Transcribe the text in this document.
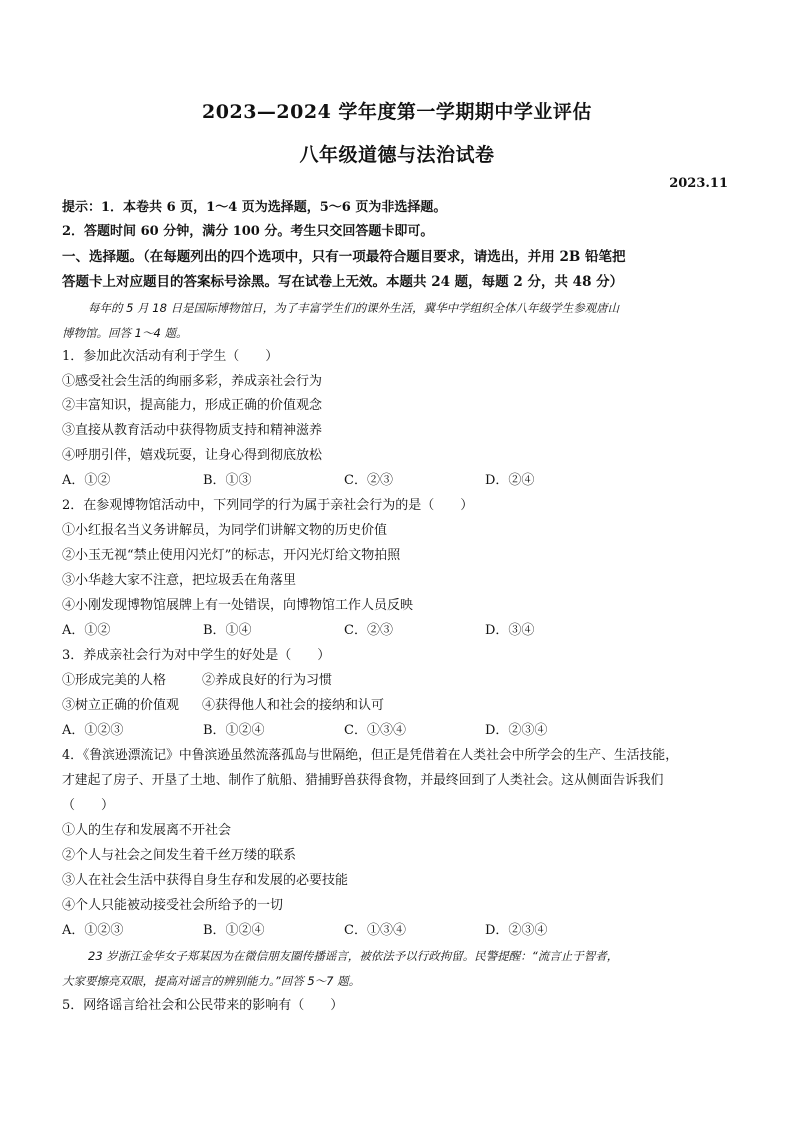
2023—2024 学年度第一学期期中学业评估
八年级道德与法治试卷
2023.11
提示：1．本卷共 6 页，1～4 页为选择题，5～6 页为非选择题。
2．答题时间 60 分钟，满分 100 分。考生只交回答题卡即可。
一、选择题。（在每题列出的四个选项中，只有一项最符合题目要求，请选出，并用 2B 铅笔把
答题卡上对应题目的答案标号涂黑。写在试卷上无效。本题共 24 题，每题 2 分，共 48 分）
每年的 5 月 18 日是国际博物馆日，为了丰富学生们的课外生活，冀华中学组织全体八年级学生参观唐山
博物馆。回答 1～4 题。
1．参加此次活动有利于学生（　　）
①感受社会生活的绚丽多彩，养成亲社会行为
②丰富知识，提高能力，形成正确的价值观念
③直接从教育活动中获得物质支持和精神滋养
④呼朋引伴，嬉戏玩耍，让身心得到彻底放松
A．①②	B．①③	C．②③	D．②④
2．在参观博物馆活动中，下列同学的行为属于亲社会行为的是（　　）
①小红报名当义务讲解员，为同学们讲解文物的历史价值
②小玉无视“禁止使用闪光灯”的标志，开闪光灯给文物拍照
③小华趁大家不注意，把垃圾丢在角落里
④小刚发现博物馆展牌上有一处错误，向博物馆工作人员反映
A．①②	B．①④	C．②③	D．③④
3．养成亲社会行为对中学生的好处是（　　）
①形成完美的人格	②养成良好的行为习惯
③树立正确的价值观 ④获得他人和社会的接纳和认可
A．①②③	B．①②④	C．①③④	D．②③④
4．《鲁滨逊漂流记》中鲁滨逊虽然流落孤岛与世隔绝，但正是凭借着在人类社会中所学会的生产、生活技能，
才建起了房子、开垦了土地、制作了航船、猎捕野兽获得食物，并最终回到了人类社会。这从侧面告诉我们
（　　）
①人的生存和发展离不开社会
②个人与社会之间发生着千丝万缕的联系
③人在社会生活中获得自身生存和发展的必要技能
④个人只能被动接受社会所给予的一切
A．①②③	B．①②④	C．①③④	D．②③④
23 岁浙江金华女子郑某因为在微信朋友圈传播谣言，被依法予以行政拘留。民警提醒：“流言止于智者，
大家要擦亮双眼，提高对谣言的辨别能力。”回答 5～7 题。
5．网络谣言给社会和公民带来的影响有（　　）
